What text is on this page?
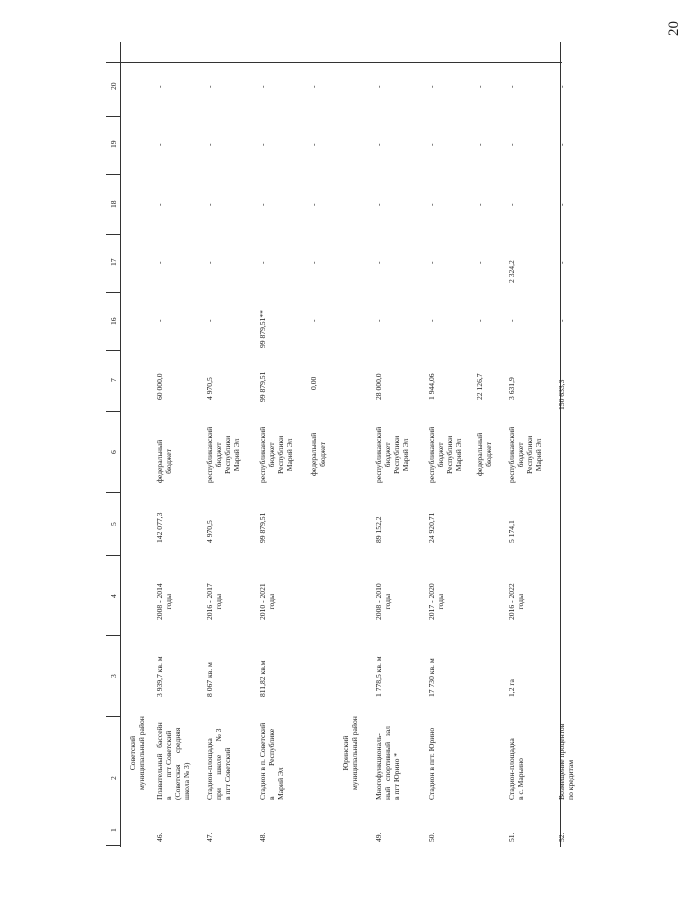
20
1
2
3
4
5
6
7
16
17
18
19
20
Советский
муниципальный район
Юринский
муниципальный район
46.
Плавательный   бассейн
в          пгт Советский
(Советская      средняя
школа № 3)
3 939,7 кв. м
2008 - 2014
годы
142 077,3
федеральный
бюджет
60 000,0
-
-
-
-
-
47.
Стадион-площадка
при       школе       № 3
в пгт Советский
8 067 кв. м
2016 - 2017
годы
4 970,5
республиканский
бюджет
Республики
Марий Эл
4 970,5
-
-
-
-
-
48.
Стадион в п. Советский
в                Республике
Марий Эл
811,82 кв.м
2010 - 2021
годы
99 879,51
республиканский
бюджет
Республики
Марий Эл
99 879,51
99 879,51**
-
-
-
-
федеральный
бюджет
0,00
-
-
-
-
-
49.
Многофункциональ-
ный   спортивный   зал
в пгт Юрино *
1 778,5 кв. м
2008 - 2010
годы
89 152,2
республиканский
бюджет
Республики
Марий Эл
28 000,0
-
-
-
-
-
50.
Стадион в пгт. Юрино
17 730 кв. м
2017 - 2020
годы
24 920,71
республиканский
бюджет
Республики
Марий Эл
1 944,06
-
-
-
-
-
федеральный
бюджет
22 126,7
-
-
-
-
-
51.
Стадион-площадка
в с. Марьино
1,2 га
2016 - 2022
годы
5 174,1
республиканский
бюджет
Республики
Марий Эл
3 631,9
-
2 324,2
-
-
-
52.
Возмещение процентов
по кредитам
150 633,3
-
-
-
-
-
